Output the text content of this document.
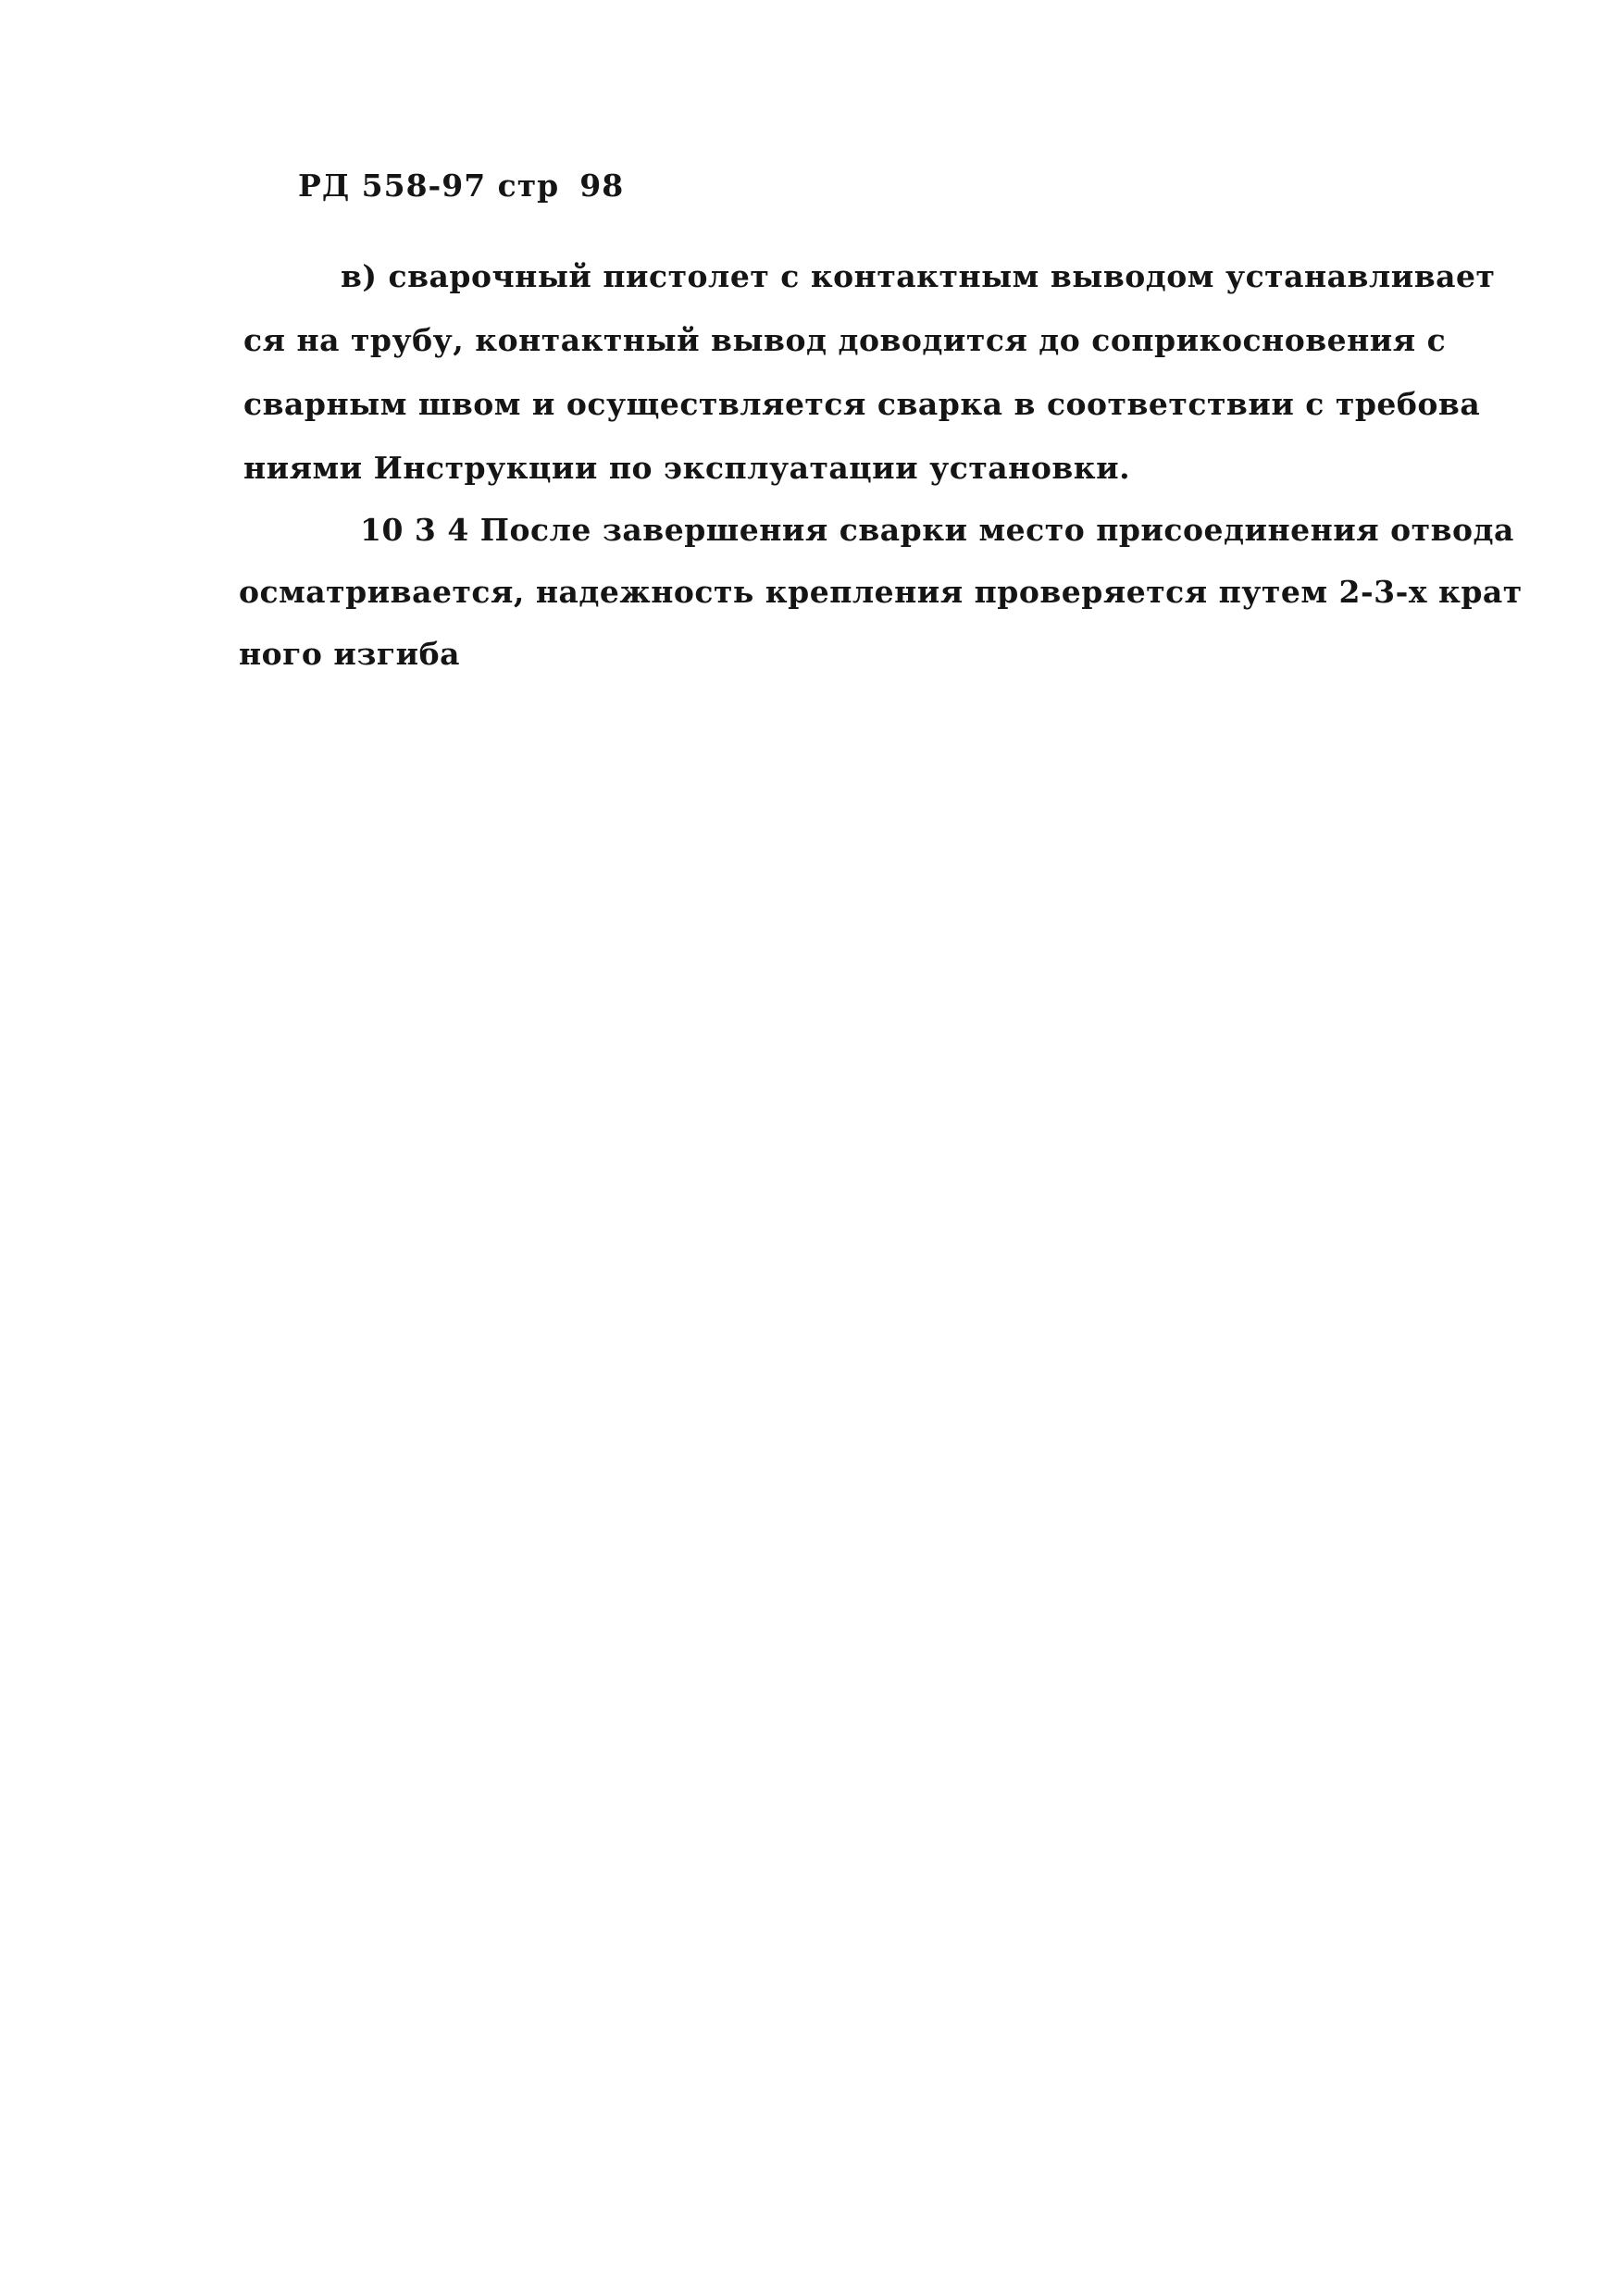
РД 558-97 стр 98
в) сварочный пистолет с контактным выводом устанавливает
ся на трубу, контактный вывод доводится до соприкосновения с
сварным швом и осуществляется сварка в соответствии с требова
ниями Инструкции по эксплуатации установки.
10 3 4 После завершения сварки место присоединения отвода
осматривается, надежность крепления проверяется путем 2-3-х крат
ного изгиба
